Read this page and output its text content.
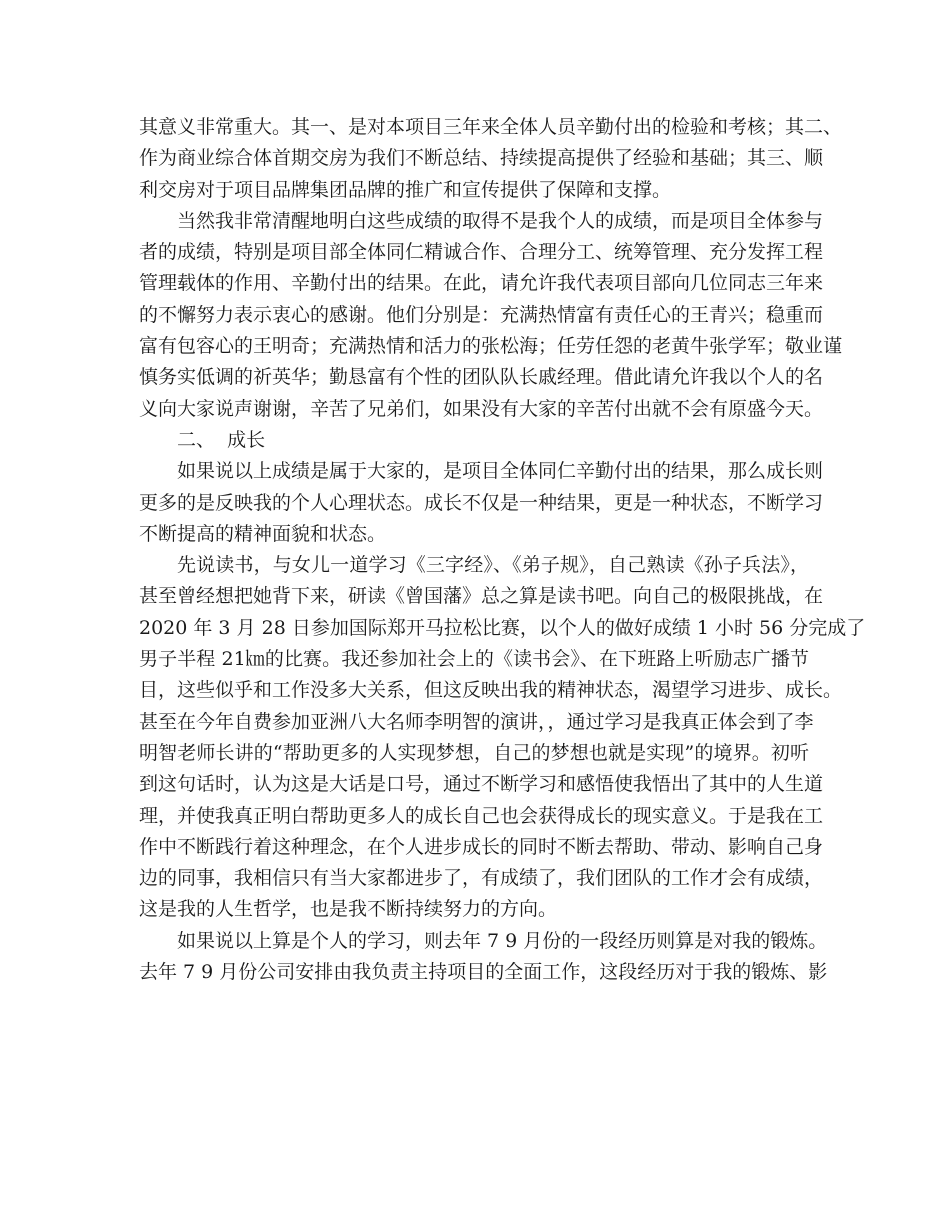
其意义非常重大。其一、是对本项目三年来全体人员辛勤付出的检验和考核；其二、
作为商业综合体首期交房为我们不断总结、持续提高提供了经验和基础；其三、顺
利交房对于项目品牌集团品牌的推广和宣传提供了保障和支撑。
当然我非常清醒地明白这些成绩的取得不是我个人的成绩，而是项目全体参与
者的成绩，特别是项目部全体同仁精诚合作、合理分工、统筹管理、充分发挥工程
管理载体的作用、辛勤付出的结果。在此，请允许我代表项目部向几位同志三年来
的不懈努力表示衷心的感谢。他们分别是：充满热情富有责任心的王青兴；稳重而
富有包容心的王明奇；充满热情和活力的张松海；任劳任怨的老黄牛张学军；敬业谨
慎务实低调的祈英华；勤恳富有个性的团队队长戚经理。借此请允许我以个人的名
义向大家说声谢谢，辛苦了兄弟们，如果没有大家的辛苦付出就不会有原盛今天。
二、  成长
如果说以上成绩是属于大家的，是项目全体同仁辛勤付出的结果，那么成长则
更多的是反映我的个人心理状态。成长不仅是一种结果，更是一种状态，不断学习
不断提高的精神面貌和状态。
先说读书，与女儿一道学习《三字经》、《弟子规》，自己熟读《孙子兵法》，
甚至曾经想把她背下来，研读《曾国藩》总之算是读书吧。向自己的极限挑战，在
2020 年 3 月 28 日参加国际郑开马拉松比赛，以个人的做好成绩 1 小时 56 分完成了
男子半程 21㎞的比赛。我还参加社会上的《读书会》、在下班路上听励志广播节
目，这些似乎和工作没多大关系，但这反映出我的精神状态，渴望学习进步、成长。
甚至在今年自费参加亚洲八大名师李明智的演讲，，通过学习是我真正体会到了李
明智老师长讲的“帮助更多的人实现梦想，自己的梦想也就是实现”的境界。初听
到这句话时，认为这是大话是口号，通过不断学习和感悟使我悟出了其中的人生道
理，并使我真正明白帮助更多人的成长自己也会获得成长的现实意义。于是我在工
作中不断践行着这种理念，在个人进步成长的同时不断去帮助、带动、影响自己身
边的同事，我相信只有当大家都进步了，有成绩了，我们团队的工作才会有成绩，
这是我的人生哲学，也是我不断持续努力的方向。
如果说以上算是个人的学习，则去年 7 9 月份的一段经历则算是对我的锻炼。
去年 7 9 月份公司安排由我负责主持项目的全面工作，这段经历对于我的锻炼、影
